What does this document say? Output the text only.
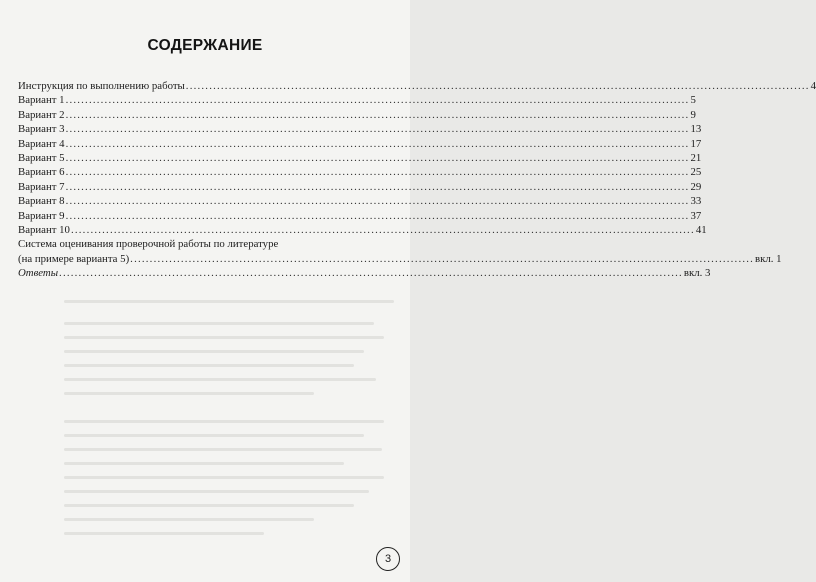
СОДЕРЖАНИЕ
Инструкция по выполнению работы .....	4
Вариант 1 .....	5
Вариант 2 .....	9
Вариант 3 .....	13
Вариант 4 .....	17
Вариант 5 .....	21
Вариант 6 .....	25
Вариант 7 .....	29
Вариант 8 .....	33
Вариант 9 .....	37
Вариант 10 .....	41
Система оценивания проверочной работы по литературе
(на примере варианта 5) .....	вкл. 1
Ответы .....	вкл. 3
3
